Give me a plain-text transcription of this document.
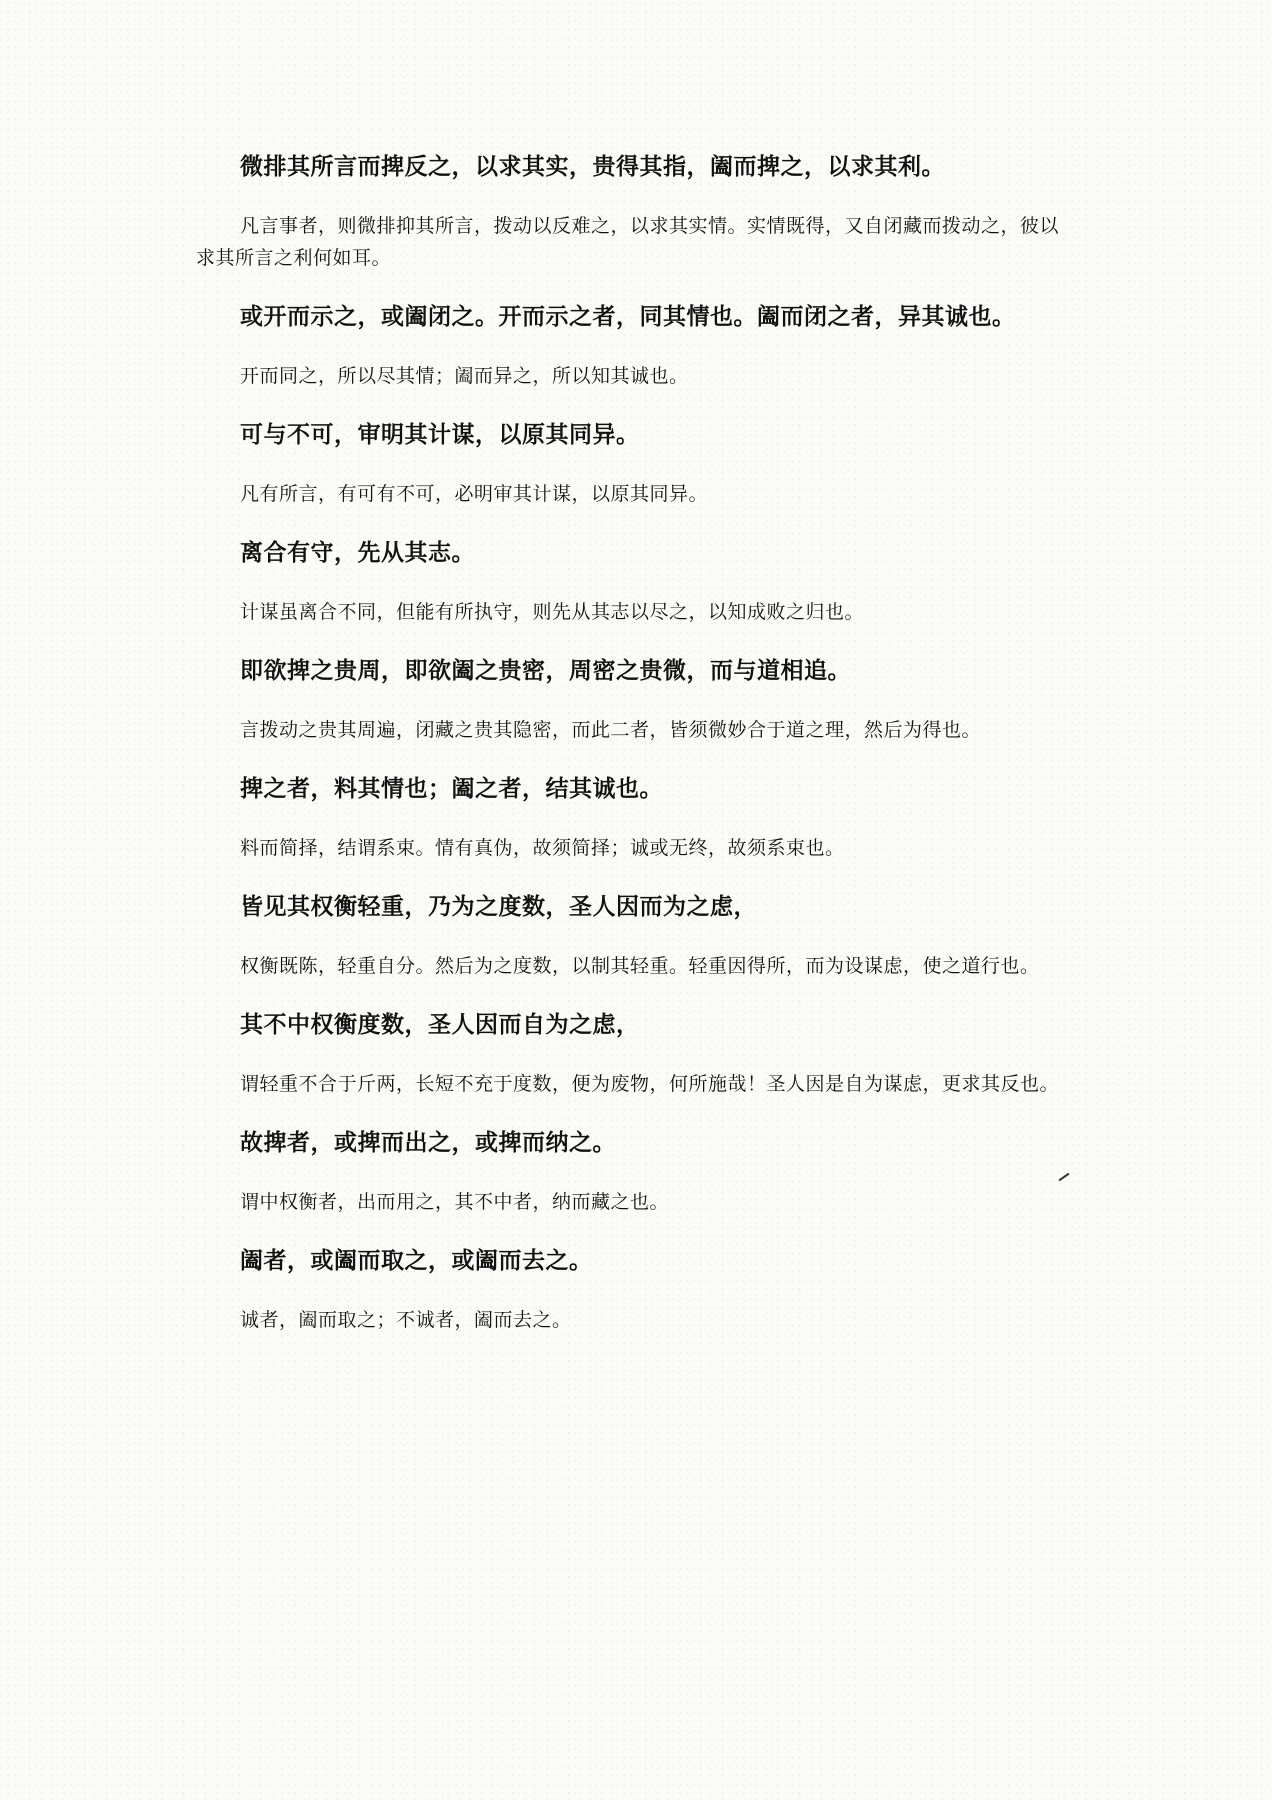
微排其所言而捭反之，以求其实，贵得其指，阖而捭之，以求其利。

凡言事者，则微排抑其所言，拨动以反难之，以求其实情。实情既得，又自闭藏而拨动之，彼以求其所言之利何如耳。

或开而示之，或阖闭之。开而示之者，同其情也。阖而闭之者，异其诚也。

开而同之，所以尽其情；阖而异之，所以知其诚也。

可与不可，审明其计谋，以原其同异。

凡有所言，有可有不可，必明审其计谋，以原其同异。

离合有守，先从其志。

计谋虽离合不同，但能有所执守，则先从其志以尽之，以知成败之归也。

即欲捭之贵周，即欲阖之贵密，周密之贵微，而与道相追。

言拨动之贵其周遍，闭藏之贵其隐密，而此二者，皆须微妙合于道之理，然后为得也。

捭之者，料其情也；阖之者，结其诚也。

料而简择，结谓系束。情有真伪，故须简择；诚或无终，故须系束也。

皆见其权衡轻重，乃为之度数，圣人因而为之虑，

权衡既陈，轻重自分。然后为之度数，以制其轻重。轻重因得所，而为设谋虑，使之道行也。

其不中权衡度数，圣人因而自为之虑，

谓轻重不合于斤两，长短不充于度数，便为废物，何所施哉！圣人因是自为谋虑，更求其反也。

故捭者，或捭而出之，或捭而纳之。

谓中权衡者，出而用之，其不中者，纳而藏之也。

阖者，或阖而取之，或阖而去之。

诚者，阖而取之；不诚者，阖而去之。
